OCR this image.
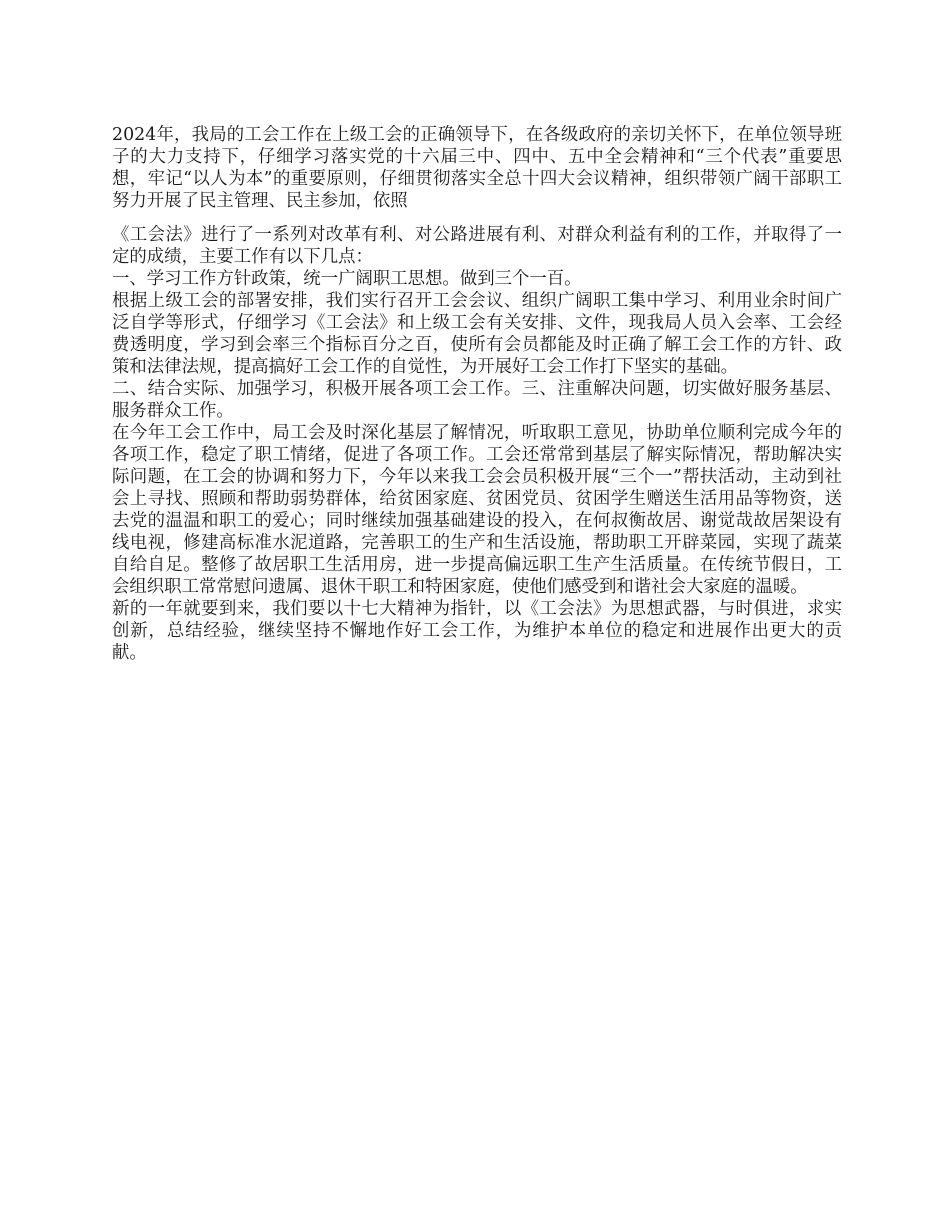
2024年，我局的工会工作在上级工会的正确领导下，在各级政府的亲切关怀下，在单位领导班子的大力支持下，仔细学习落实党的十六届三中、四中、五中全会精神和“三个代表”重要思想，牢记“以人为本”的重要原则，仔细贯彻落实全总十四大会议精神，组织带领广阔干部职工努力开展了民主管理、民主参加，依照

《工会法》进行了一系列对改革有利、对公路进展有利、对群众利益有利的工作，并取得了一定的成绩，主要工作有以下几点：

一、学习工作方针政策，统一广阔职工思想。做到三个一百。

根据上级工会的部署安排，我们实行召开工会会议、组织广阔职工集中学习、利用业余时间广泛自学等形式，仔细学习《工会法》和上级工会有关安排、文件，现我局人员入会率、工会经费透明度，学习到会率三个指标百分之百，使所有会员都能及时正确了解工会工作的方针、政策和法律法规，提高搞好工会工作的自觉性，为开展好工会工作打下坚实的基础。

二、结合实际、加强学习，积极开展各项工会工作。三、注重解决问题，切实做好服务基层、服务群众工作。

在今年工会工作中，局工会及时深化基层了解情况，听取职工意见，协助单位顺利完成今年的各项工作，稳定了职工情绪，促进了各项工作。工会还常常到基层了解实际情况，帮助解决实际问题，在工会的协调和努力下，今年以来我工会会员积极开展“三个一”帮扶活动，主动到社会上寻找、照顾和帮助弱势群体，给贫困家庭、贫困党员、贫困学生赠送生活用品等物资，送去党的温温和职工的爱心；同时继续加强基础建设的投入，在何叔衡故居、谢觉哉故居架设有线电视，修建高标准水泥道路，完善职工的生产和生活设施，帮助职工开辟菜园，实现了蔬菜自给自足。整修了故居职工生活用房，进一步提高偏远职工生产生活质量。在传统节假日，工会组织职工常常慰问遗属、退休干职工和特困家庭，使他们感受到和谐社会大家庭的温暖。

新的一年就要到来，我们要以十七大精神为指针，以《工会法》为思想武器，与时俱进，求实创新，总结经验，继续坚持不懈地作好工会工作，为维护本单位的稳定和进展作出更大的贡献。
